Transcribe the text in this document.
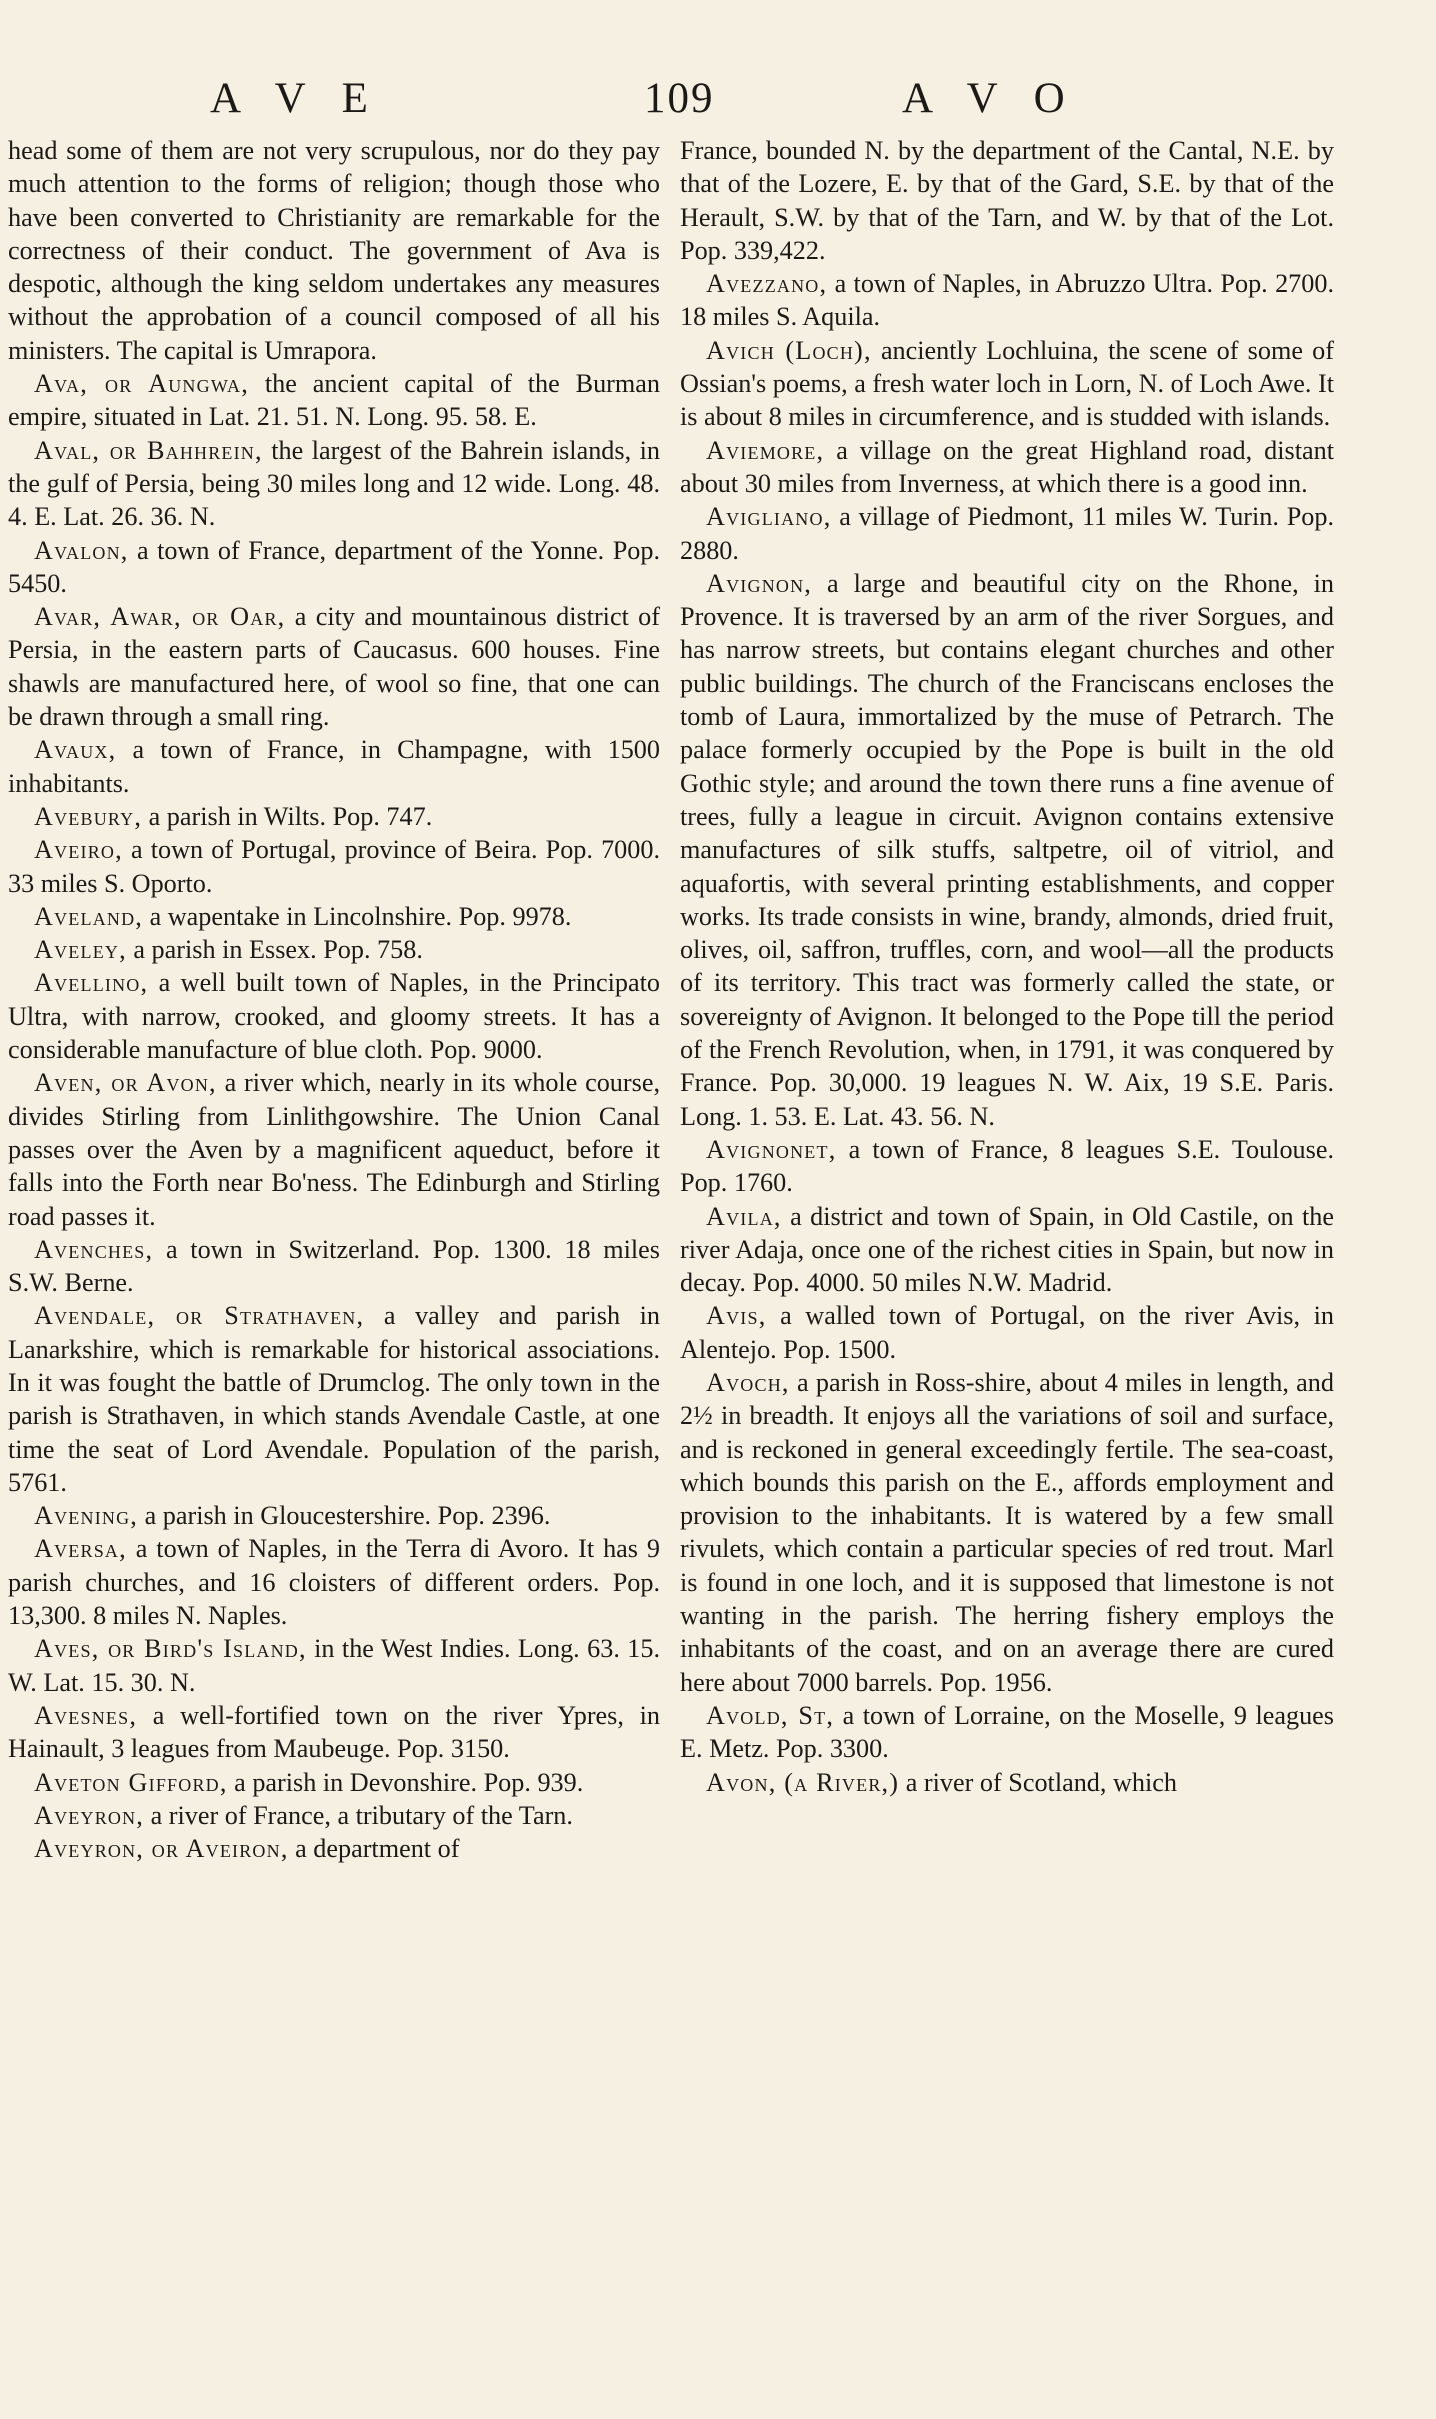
A V E	109	A V O

head some of them are not very scrupulous, nor do they pay much attention to the forms of religion; though those who have been converted to Christianity are remarkable for the correctness of their conduct. The government of Ava is despotic, although the king seldom undertakes any measures without the approbation of a council composed of all his ministers. The capital is Umrapora.

Ava, or Aungwa, the ancient capital of the Burman empire, situated in Lat. 21. 51. N. Long. 95. 58. E.

Aval, or Bahhrein, the largest of the Bahrein islands, in the gulf of Persia, being 30 miles long and 12 wide. Long. 48. 4. E. Lat. 26. 36. N.

Avalon, a town of France, department of the Yonne. Pop. 5450.

Avar, Awar, or Oar, a city and mountainous district of Persia, in the eastern parts of Caucasus. 600 houses. Fine shawls are manufactured here, of wool so fine, that one can be drawn through a small ring.

Avaux, a town of France, in Champagne, with 1500 inhabitants.

Avebury, a parish in Wilts. Pop. 747.

Aveiro, a town of Portugal, province of Beira. Pop. 7000. 33 miles S. Oporto.

Aveland, a wapentake in Lincolnshire. Pop. 9978.

Aveley, a parish in Essex. Pop. 758.

Avellino, a well built town of Naples, in the Principato Ultra, with narrow, crooked, and gloomy streets. It has a considerable manufacture of blue cloth. Pop. 9000.

Aven, or Avon, a river which, nearly in its whole course, divides Stirling from Linlithgowshire. The Union Canal passes over the Aven by a magnificent aqueduct, before it falls into the Forth near Bo'ness. The Edinburgh and Stirling road passes it.

Avenches, a town in Switzerland. Pop. 1300. 18 miles S.W. Berne.

Avendale, or Strathaven, a valley and parish in Lanarkshire, which is remarkable for historical associations. In it was fought the battle of Drumclog. The only town in the parish is Strathaven, in which stands Avendale Castle, at one time the seat of Lord Avendale. Population of the parish, 5761.

Avening, a parish in Gloucestershire. Pop. 2396.

Aversa, a town of Naples, in the Terra di Avoro. It has 9 parish churches, and 16 cloisters of different orders. Pop. 13,300. 8 miles N. Naples.

Aves, or Bird's Island, in the West Indies. Long. 63. 15. W. Lat. 15. 30. N.

Avesnes, a well-fortified town on the river Ypres, in Hainault, 3 leagues from Maubeuge. Pop. 3150.

Aveton Gifford, a parish in Devonshire. Pop. 939.

Aveyron, a river of France, a tributary of the Tarn.

Aveyron, or Aveiron, a department of

France, bounded N. by the department of the Cantal, N.E. by that of the Lozere, E. by that of the Gard, S.E. by that of the Herault, S.W. by that of the Tarn, and W. by that of the Lot. Pop. 339,422.

Avezzano, a town of Naples, in Abruzzo Ultra. Pop. 2700. 18 miles S. Aquila.

Avich (Loch), anciently Lochluina, the scene of some of Ossian's poems, a fresh water loch in Lorn, N. of Loch Awe. It is about 8 miles in circumference, and is studded with islands.

Aviemore, a village on the great Highland road, distant about 30 miles from Inverness, at which there is a good inn.

Avigliano, a village of Piedmont, 11 miles W. Turin. Pop. 2880.

Avignon, a large and beautiful city on the Rhone, in Provence. It is traversed by an arm of the river Sorgues, and has narrow streets, but contains elegant churches and other public buildings. The church of the Franciscans encloses the tomb of Laura, immortalized by the muse of Petrarch. The palace formerly occupied by the Pope is built in the old Gothic style; and around the town there runs a fine avenue of trees, fully a league in circuit. Avignon contains extensive manufactures of silk stuffs, saltpetre, oil of vitriol, and aquafortis, with several printing establishments, and copper works. Its trade consists in wine, brandy, almonds, dried fruit, olives, oil, saffron, truffles, corn, and wool—all the products of its territory. This tract was formerly called the state, or sovereignty of Avignon. It belonged to the Pope till the period of the French Revolution, when, in 1791, it was conquered by France. Pop. 30,000. 19 leagues N. W. Aix, 19 S.E. Paris. Long. 1. 53. E. Lat. 43. 56. N.

Avignonet, a town of France, 8 leagues S.E. Toulouse. Pop. 1760.

Avila, a district and town of Spain, in Old Castile, on the river Adaja, once one of the richest cities in Spain, but now in decay. Pop. 4000. 50 miles N.W. Madrid.

Avis, a walled town of Portugal, on the river Avis, in Alentejo. Pop. 1500.

Avoch, a parish in Ross-shire, about 4 miles in length, and 2½ in breadth. It enjoys all the variations of soil and surface, and is reckoned in general exceedingly fertile. The sea-coast, which bounds this parish on the E., affords employment and provision to the inhabitants. It is watered by a few small rivulets, which contain a particular species of red trout. Marl is found in one loch, and it is supposed that limestone is not wanting in the parish. The herring fishery employs the inhabitants of the coast, and on an average there are cured here about 7000 barrels. Pop. 1956.

Avold, St, a town of Lorraine, on the Moselle, 9 leagues E. Metz. Pop. 3300.

Avon, (a River,) a river of Scotland, which
